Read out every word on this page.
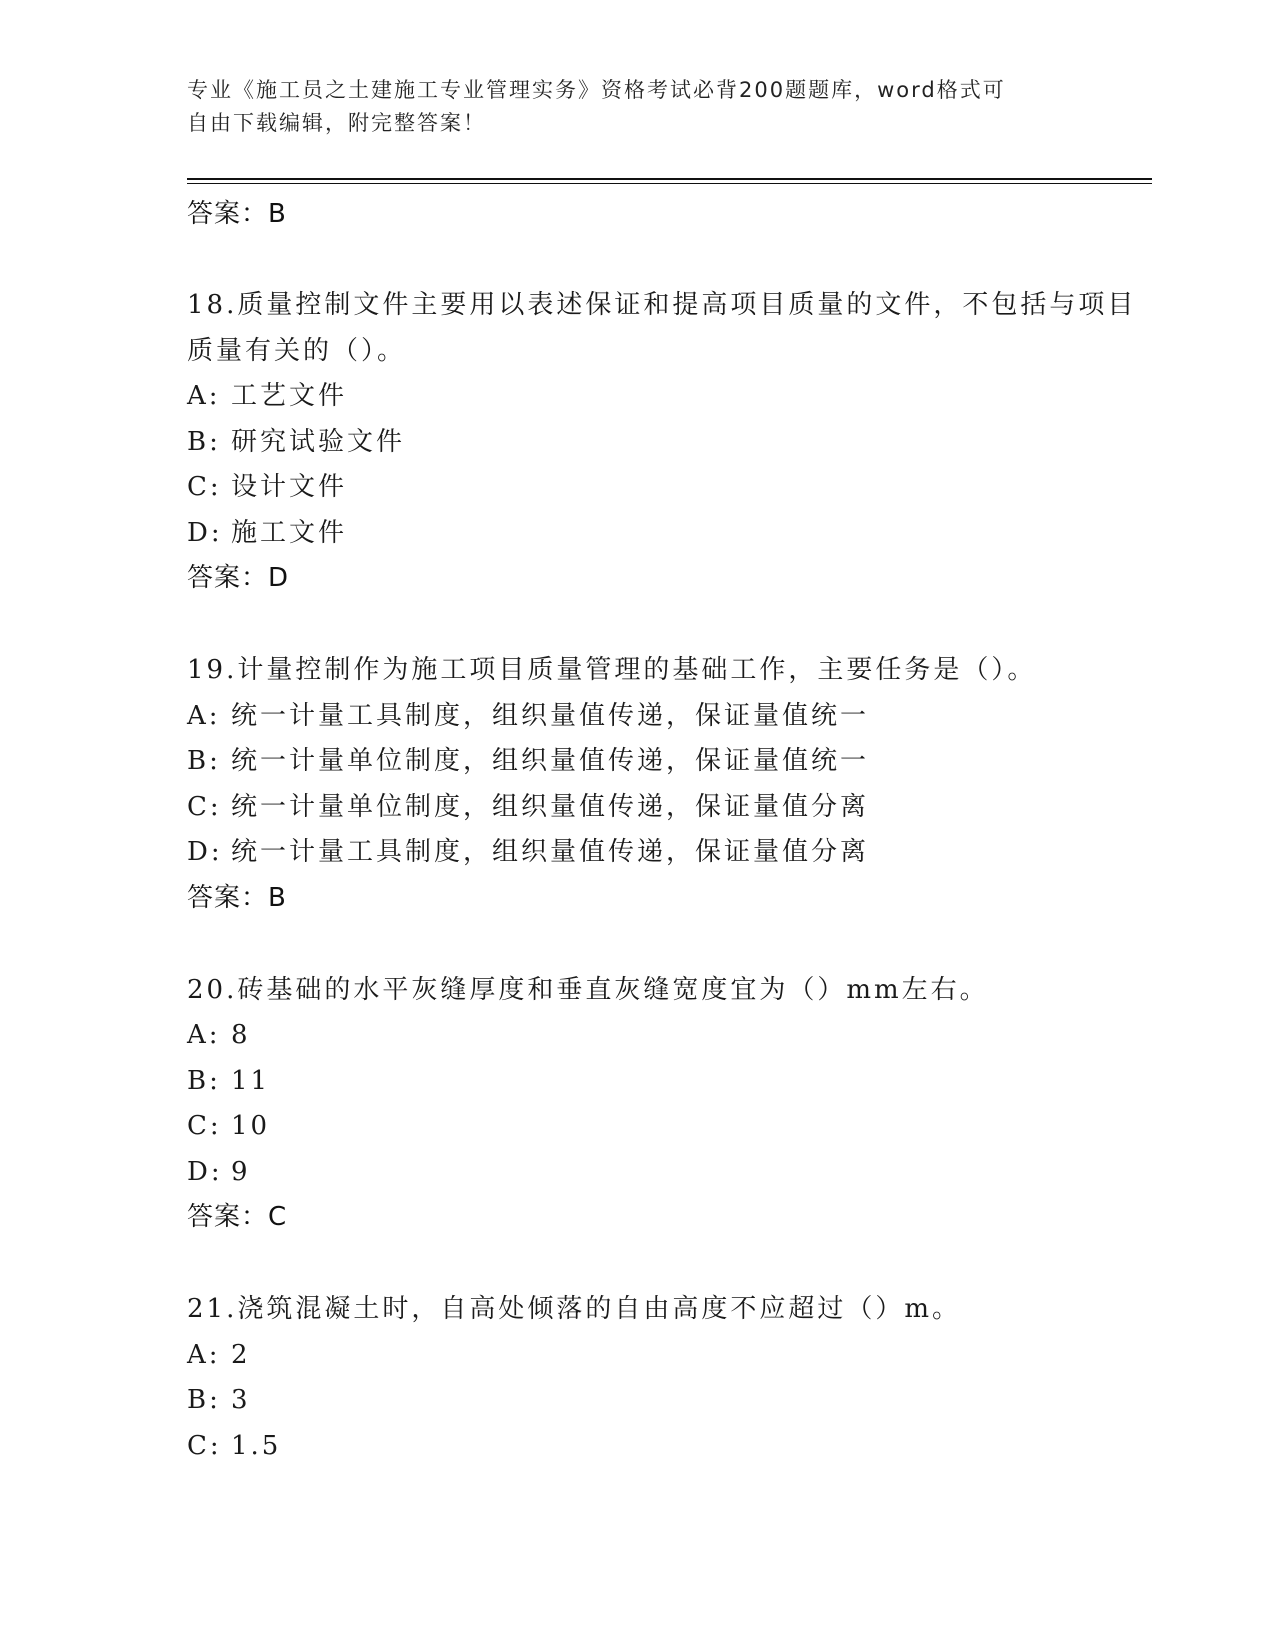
专业《施工员之土建施工专业管理实务》资格考试必背200题题库，word格式可
自由下载编辑，附完整答案！
答案：B
18.质量控制文件主要用以表述保证和提高项目质量的文件，不包括与项目质量有关的（）。
A: 工艺文件
B: 研究试验文件
C: 设计文件
D: 施工文件
答案：D
19.计量控制作为施工项目质量管理的基础工作，主要任务是（）。
A: 统一计量工具制度，组织量值传递，保证量值统一
B: 统一计量单位制度，组织量值传递，保证量值统一
C: 统一计量单位制度，组织量值传递，保证量值分离
D: 统一计量工具制度，组织量值传递，保证量值分离
答案：B
20.砖基础的水平灰缝厚度和垂直灰缝宽度宜为（）mm左右。
A: 8
B: 11
C: 10
D: 9
答案：C
21.浇筑混凝土时，自高处倾落的自由高度不应超过（）m。
A: 2
B: 3
C: 1.5
